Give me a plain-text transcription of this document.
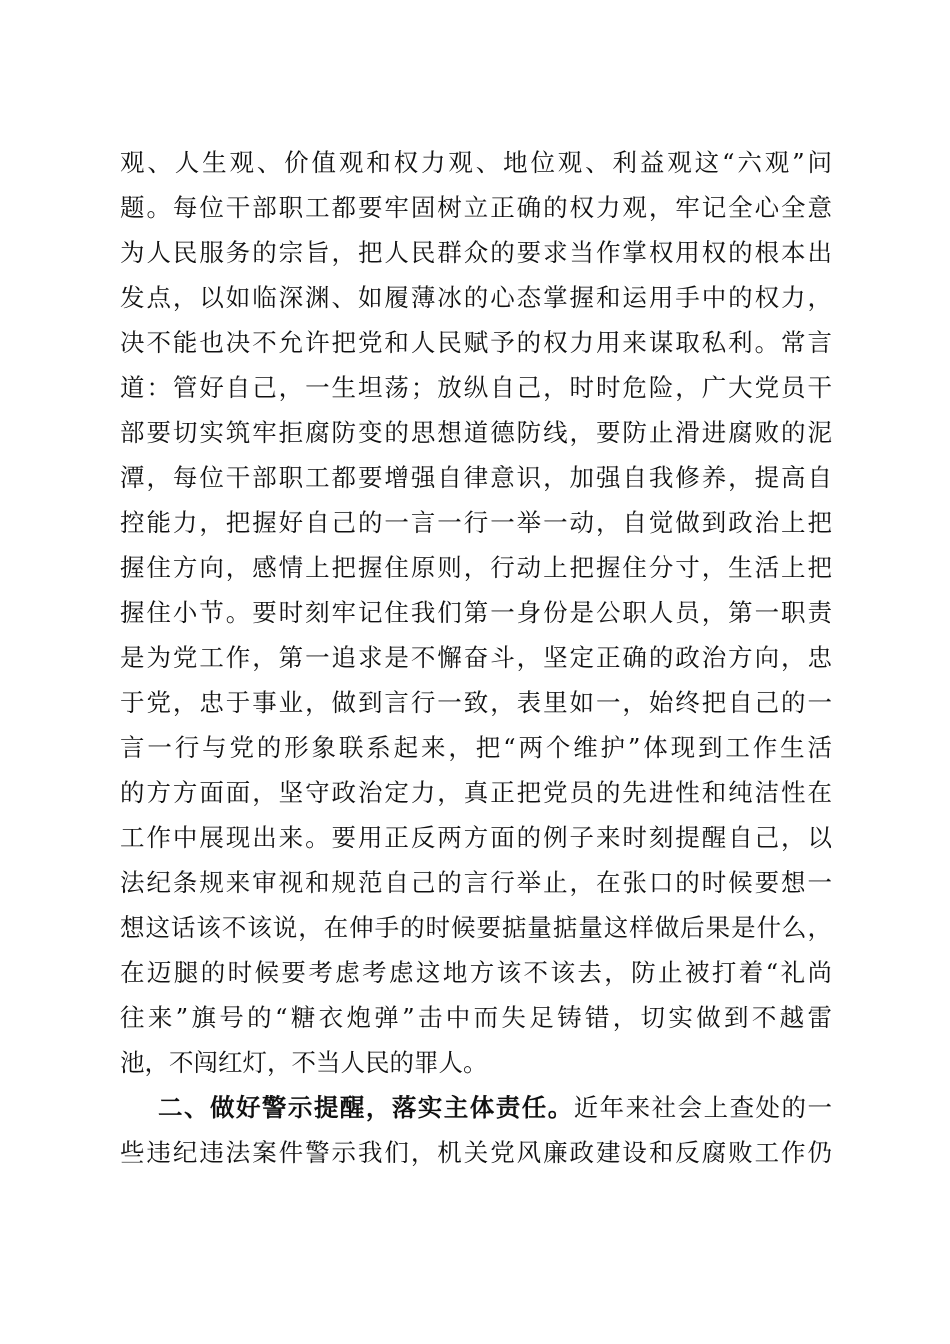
观、人生观、价值观和权力观、地位观、利益观这“六观”问
题。每位干部职工都要牢固树立正确的权力观，牢记全心全意
为人民服务的宗旨，把人民群众的要求当作掌权用权的根本出
发点，以如临深渊、如履薄冰的心态掌握和运用手中的权力，
决不能也决不允许把党和人民赋予的权力用来谋取私利。常言
道：管好自己，一生坦荡；放纵自己，时时危险，广大党员干
部要切实筑牢拒腐防变的思想道德防线，要防止滑进腐败的泥
潭，每位干部职工都要增强自律意识，加强自我修养，提高自
控能力，把握好自己的一言一行一举一动，自觉做到政治上把
握住方向，感情上把握住原则，行动上把握住分寸，生活上把
握住小节。要时刻牢记住我们第一身份是公职人员，第一职责
是为党工作，第一追求是不懈奋斗，坚定正确的政治方向，忠
于党，忠于事业，做到言行一致，表里如一，始终把自己的一
言一行与党的形象联系起来，把“两个维护”体现到工作生活
的方方面面，坚守政治定力，真正把党员的先进性和纯洁性在
工作中展现出来。要用正反两方面的例子来时刻提醒自己，以
法纪条规来审视和规范自己的言行举止，在张口的时候要想一
想这话该不该说，在伸手的时候要掂量掂量这样做后果是什么，
在迈腿的时候要考虑考虑这地方该不该去，防止被打着“礼尚
往来”旗号的“糖衣炮弹”击中而失足铸错，切实做到不越雷
池，不闯红灯，不当人民的罪人。
二、做好警示提醒，落实主体责任。近年来社会上查处的一
些违纪违法案件警示我们，机关党风廉政建设和反腐败工作仍
